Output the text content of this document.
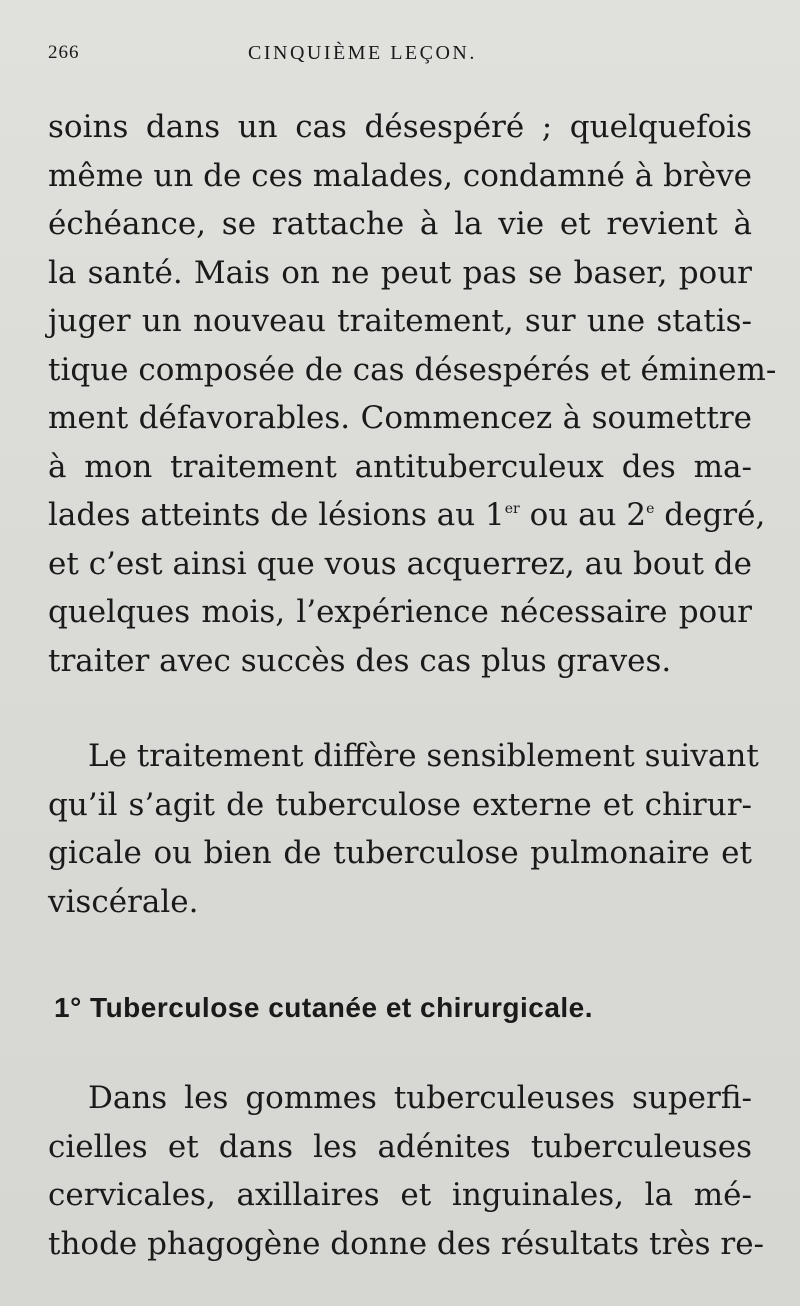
266	CINQUIÈME LEÇON.
soins dans un cas désespéré ; quelquefois
même un de ces malades, condamné à brève
échéance, se rattache à la vie et revient à
la santé. Mais on ne peut pas se baser, pour
juger un nouveau traitement, sur une statis-
tique composée de cas désespérés et éminem-
ment défavorables. Commencez à soumettre
à mon traitement antituberculeux des ma-
lades atteints de lésions au 1er ou au 2e degré,
et c’est ainsi que vous acquerrez, au bout de
quelques mois, l’expérience nécessaire pour
traiter avec succès des cas plus graves.
Le traitement diffère sensiblement suivant
qu’il s’agit de tuberculose externe et chirur-
gicale ou bien de tuberculose pulmonaire et
viscérale.
1° Tuberculose cutanée et chirurgicale.
Dans les gommes tuberculeuses superfi-
cielles et dans les adénites tuberculeuses
cervicales, axillaires et inguinales, la mé-
thode phagogène donne des résultats très re-
